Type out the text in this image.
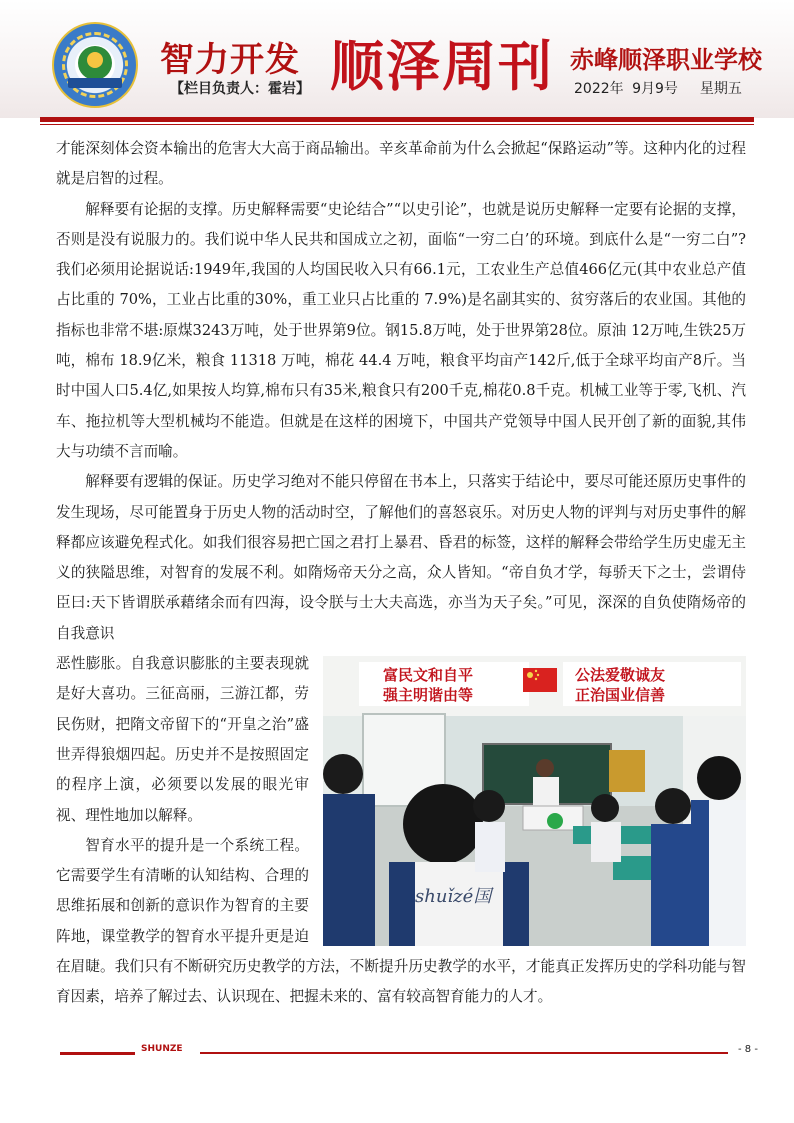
智力开发
【栏目负责人：霍岩】 顺泽周刊 赤峰顺泽职业学校
2022年 9月9号 星期五

才能深刻体会资本输出的危害大大高于商品输出。辛亥革命前为什么会掀起“保路运动”等。这种内化的过程就是启智的过程。

解释要有论据的支撑。历史解释需要“史论结合”“以史引论”，也就是说历史解释一定要有论据的支撑，否则是没有说服力的。我们说中华人民共和国成立之初，面临“一穷二白’的环境。到底什么是“一穷二白”?我们必须用论据说话:1949年,我国的人均国民收入只有66.1元，工农业生产总值466亿元(其中农业总产值占比重的 70%，工业占比重的30%，重工业只占比重的 7.9%)是名副其实的、贫穷落后的农业国。其他的指标也非常不堪:原煤3243万吨，处于世界第9位。钢15.8万吨，处于世界第28位。原油 12万吨,生铁25万吨，棉布 18.9亿米，粮食 11318 万吨，棉花 44.4 万吨，粮食平均亩产142斤,低于全球平均亩产8斤。当时中国人口5.4亿,如果按人均算,棉布只有35米,粮食只有200千克,棉花0.8千克。机械工业等于零,飞机、汽车、拖拉机等大型机械均不能造。但就是在这样的困境下，中国共产党领导中国人民开创了新的面貌,其伟大与功绩不言而喻。

解释要有逻辑的保证。历史学习绝对不能只停留在书本上，只落实于结论中，要尽可能还原历史事件的发生现场，尽可能置身于历史人物的活动时空，了解他们的喜怒哀乐。对历史人物的评判与对历史事件的解释都应该避免程式化。如我们很容易把亡国之君打上暴君、昏君的标签，这样的解释会带给学生历史虚无主义的狭隘思维，对智育的发展不利。如隋炀帝天分之高，众人皆知。“帝自负才学，每骄天下之士，尝谓侍臣曰:天下皆谓朕承藉绪余而有四海，设令朕与士大夫高选，亦当为天子矣。”可见，深深的自负使隋炀帝的自我意识

富民文和自平
强主明谐由等
公法爱敬诚友
正治国业信善
shuǐzé国

恶性膨胀。自我意识膨胀的主要表现就是好大喜功。三征高丽，三游江都，劳民伤财，把隋文帝留下的“开皇之治”盛世弄得狼烟四起。历史并不是按照固定的程序上演，必须要以发展的眼光审视、理性地加以解释。

智育水平的提升是一个系统工程。它需要学生有清晰的认知结构、合理的思维拓展和创新的意识作为智育的主要阵地，课堂教学的智育水平提升更是迫在眉睫。我们只有不断研究历史教学的方法，不断提升历史教学的水平，才能真正发挥历史的学科功能与智育因素，培养了解过去、认识现在、把握未来的、富有较高智育能力的人才。

SHUNZE	- 8 -
